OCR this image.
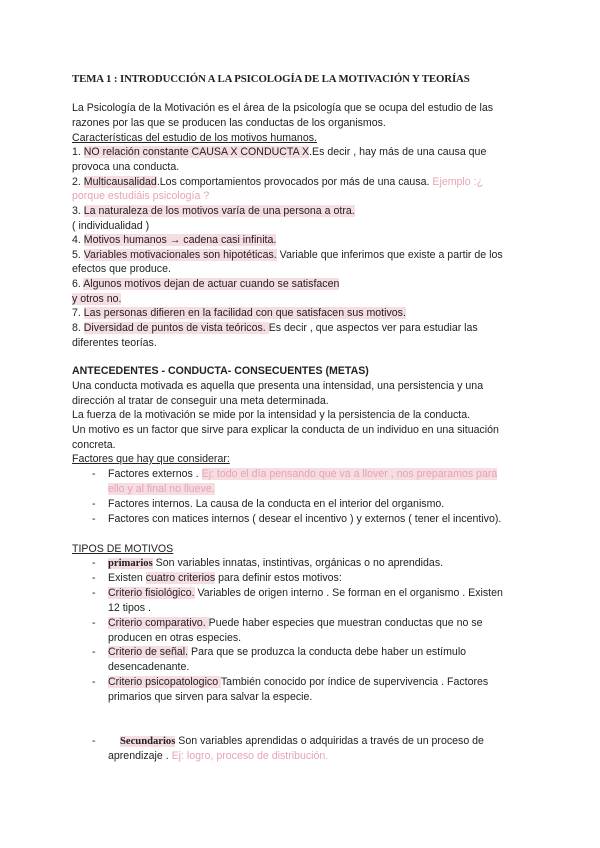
TEMA 1 : INTRODUCCIÓN A LA PSICOLOGÍA DE LA MOTIVACIÓN Y TEORÍAS
La Psicología de la Motivación es el área de la psicología que se ocupa del estudio de las
razones por las que se producen las conductas de los organismos.
Características del estudio de los motivos humanos.
1. NO relación constante CAUSA X CONDUCTA X.Es decir , hay más de una causa que
provoca una conducta.
2. Multicausalidad.Los comportamientos provocados por más de una causa. Ejemplo :¿
porque estudiáis psicología ?
3. La naturaleza de los motivos varía de una persona a otra.
( individualidad )
4. Motivos humanos → cadena casi infinita.
5. Variables motivacionales son hipotéticas. Variable que inferimos que existe a partir de los
efectos que produce.
6. Algunos motivos dejan de actuar cuando se satisfacen
y otros no.
7. Las personas difieren en la facilidad con que satisfacen sus motivos.
8. Diversidad de puntos de vista teóricos. Es decir , que aspectos ver para estudiar las
diferentes teorías.
ANTECEDENTES - CONDUCTA- CONSECUENTES (METAS)
Una conducta motivada es aquella que presenta una intensidad, una persistencia y una
dirección al tratar de conseguir una meta determinada.
La fuerza de la motivación se mide por la intensidad y la persistencia de la conducta.
Un motivo es un factor que sirve para explicar la conducta de un individuo en una situación
concreta.
Factores que hay que considerar:
- Factores externos . Ej: todo el día pensando que va a llover , nos preparamos para
ello y al final no llueve.
- Factores internos. La causa de la conducta en el interior del organismo.
- Factores con matices internos ( desear el incentivo ) y externos ( tener el incentivo).
TIPOS DE MOTIVOS
- primarios Son variables innatas, instintivas, orgánicas o no aprendidas.
- Existen cuatro criterios para definir estos motivos:
- Criterio fisiológico. Variables de origen interno . Se forman en el organismo . Existen
12 tipos .
- Criterio comparativo. Puede haber especies que muestran conductas que no se
producen en otras especies.
- Criterio de señal. Para que se produzca la conducta debe haber un estímulo
desencadenante.
- Criterio psicopatologico También conocido por índice de supervivencia . Factores
primarios que sirven para salvar la especie.
- Secundarios Son variables aprendidas o adquiridas a través de un proceso de
aprendizaje . Ej: logro, proceso de distribución.
